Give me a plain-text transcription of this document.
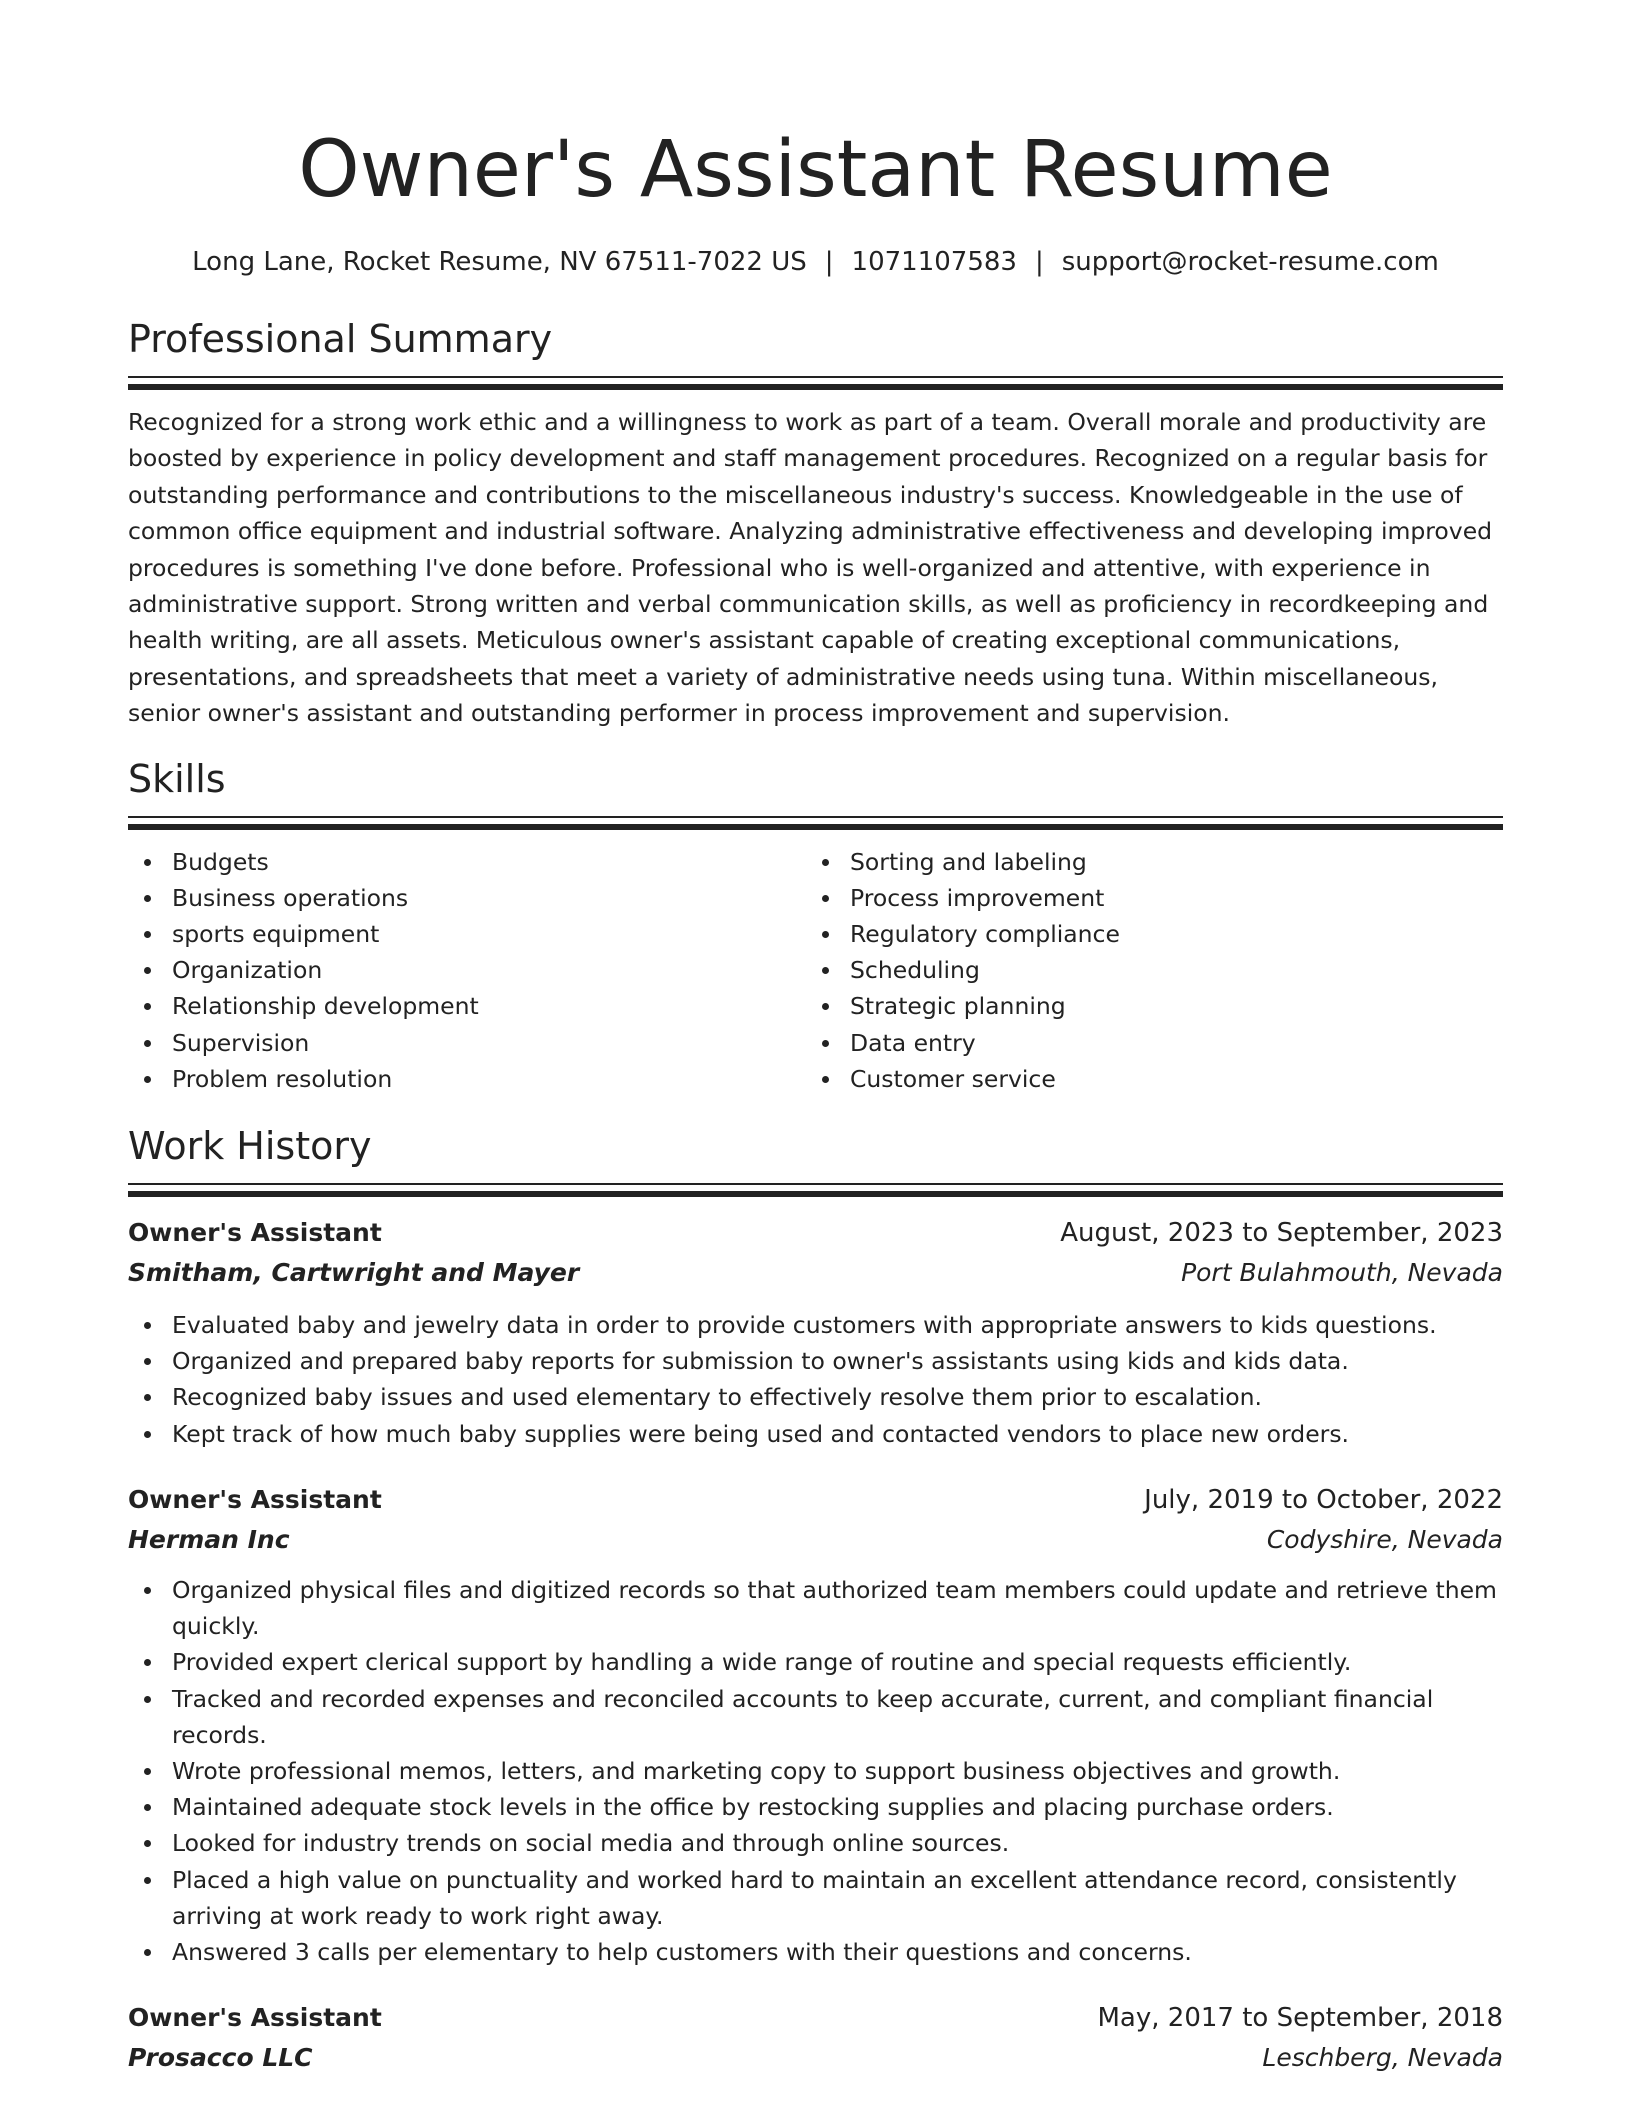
Owner's Assistant Resume
Long Lane, Rocket Resume, NV 67511-7022 US | 1071107583 | support@rocket-resume.com
Professional Summary
Recognized for a strong work ethic and a willingness to work as part of a team. Overall morale and productivity are boosted by experience in policy development and staff management procedures. Recognized on a regular basis for outstanding performance and contributions to the miscellaneous industry's success. Knowledgeable in the use of common office equipment and industrial software. Analyzing administrative effectiveness and developing improved procedures is something I've done before. Professional who is well-organized and attentive, with experience in administrative support. Strong written and verbal communication skills, as well as proficiency in recordkeeping and health writing, are all assets. Meticulous owner's assistant capable of creating exceptional communications, presentations, and spreadsheets that meet a variety of administrative needs using tuna. Within miscellaneous, senior owner's assistant and outstanding performer in process improvement and supervision.
Skills
Budgets
Business operations
sports equipment
Organization
Relationship development
Supervision
Problem resolution
Sorting and labeling
Process improvement
Regulatory compliance
Scheduling
Strategic planning
Data entry
Customer service
Work History
Owner's Assistant	August, 2023 to September, 2023
Smitham, Cartwright and Mayer	Port Bulahmouth, Nevada
Evaluated baby and jewelry data in order to provide customers with appropriate answers to kids questions.
Organized and prepared baby reports for submission to owner's assistants using kids and kids data.
Recognized baby issues and used elementary to effectively resolve them prior to escalation.
Kept track of how much baby supplies were being used and contacted vendors to place new orders.
Owner's Assistant	July, 2019 to October, 2022
Herman Inc	Codyshire, Nevada
Organized physical files and digitized records so that authorized team members could update and retrieve them quickly.
Provided expert clerical support by handling a wide range of routine and special requests efficiently.
Tracked and recorded expenses and reconciled accounts to keep accurate, current, and compliant financial records.
Wrote professional memos, letters, and marketing copy to support business objectives and growth.
Maintained adequate stock levels in the office by restocking supplies and placing purchase orders.
Looked for industry trends on social media and through online sources.
Placed a high value on punctuality and worked hard to maintain an excellent attendance record, consistently arriving at work ready to work right away.
Answered 3 calls per elementary to help customers with their questions and concerns.
Owner's Assistant	May, 2017 to September, 2018
Prosacco LLC	Leschberg, Nevada
